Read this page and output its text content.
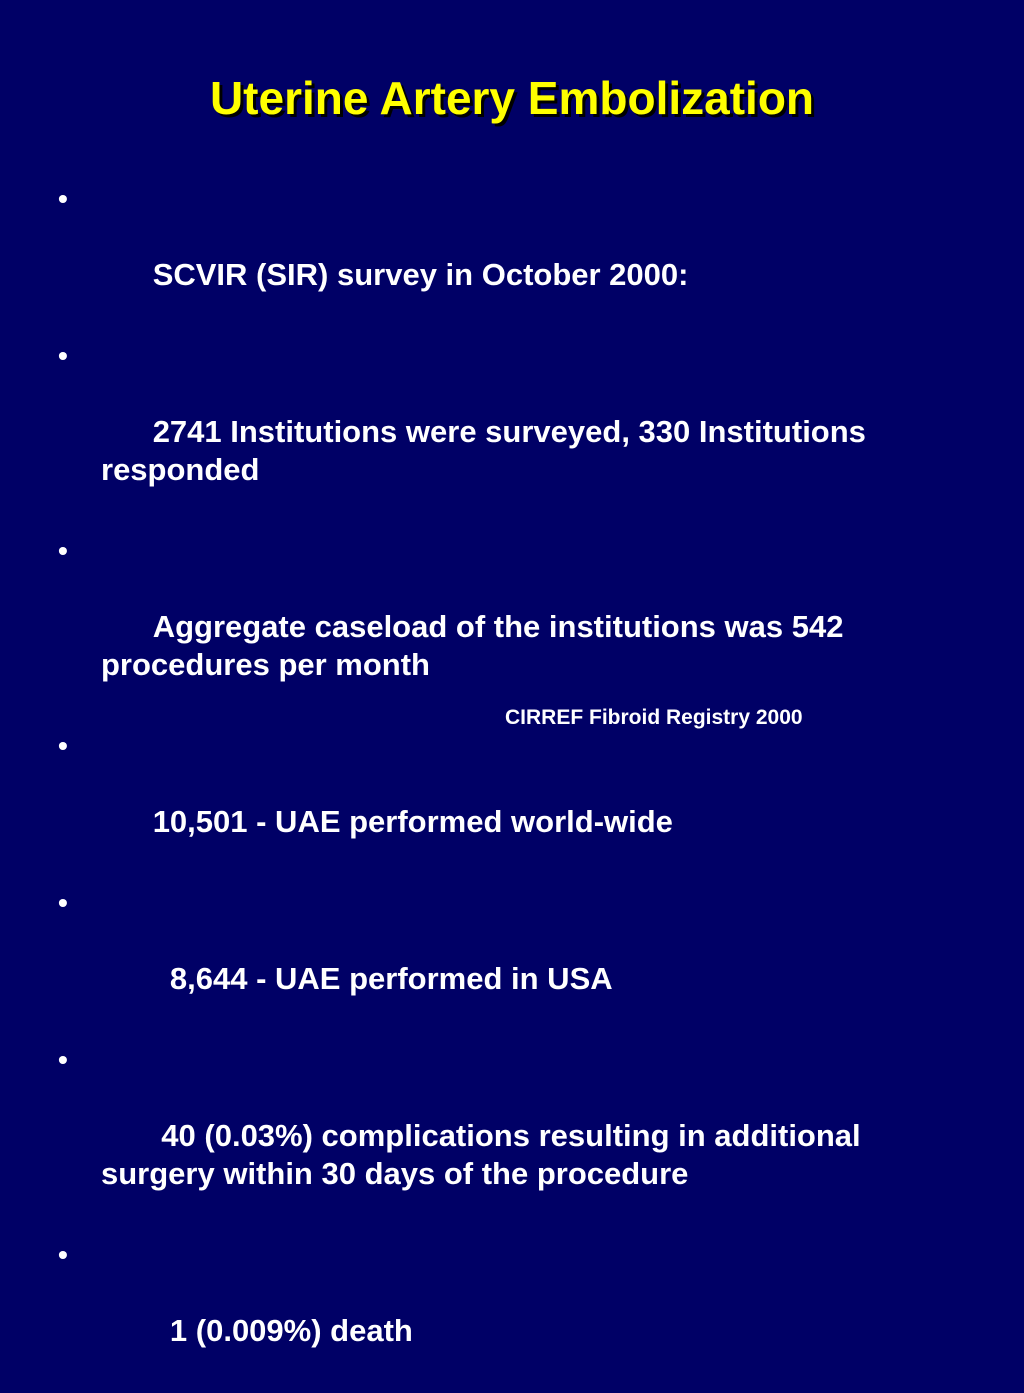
Uterine Artery Embolization

•

SCVIR (SIR) survey in October 2000:

•

2741 Institutions were surveyed, 330 Institutions responded

•

Aggregate caseload of the institutions was 542 procedures per month

•

10,501 - UAE performed world-wide

•

8,644 - UAE performed in USA

•

40 (0.03%) complications resulting in additional surgery within 30 days of the procedure

•

1 (0.009%) death

CIRREF Fibroid Registry 2000
